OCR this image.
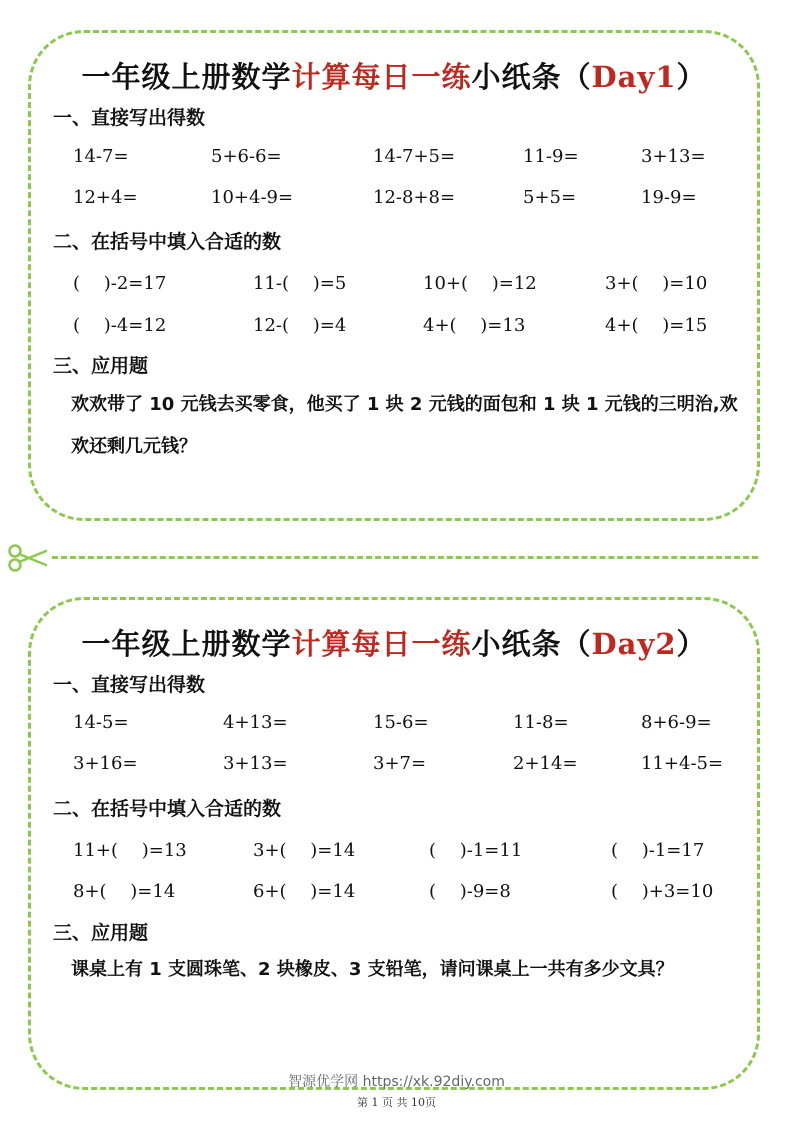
一年级上册数学计算每日一练小纸条（Day1）
一、直接写出得数
14-7=	5+6-6=	14-7+5=	11-9=	3+13=
12+4=	10+4-9=	12-8+8=	5+5=	19-9=
二、在括号中填入合适的数
(　 )-2=17	11-(　 )=5	10+(　 )=12	3+(　 )=10
(　 )-4=12	12-(　 )=4	4+(　 )=13	4+(　 )=15
三、应用题
欢欢带了 10 元钱去买零食，他买了 1 块 2 元钱的面包和 1 块 1 元钱的三明治,欢欢还剩几元钱？
一年级上册数学计算每日一练小纸条（Day2）
一、直接写出得数
14-5=	4+13=	15-6=	11-8=	8+6-9=
3+16=	3+13=	3+7=	2+14=	11+4-5=
二、在括号中填入合适的数
11+(　 )=13	3+(　 )=14	(　 )-1=11	(　 )-1=17
8+(　 )=14	6+(　 )=14	(　 )-9=8	(　 )+3=10
三、应用题
课桌上有 1 支圆珠笔、2 块橡皮、3 支铅笔，请问课桌上一共有多少文具？
智源优学网 https://xk.92diy.com
第 1 页 共 10页
